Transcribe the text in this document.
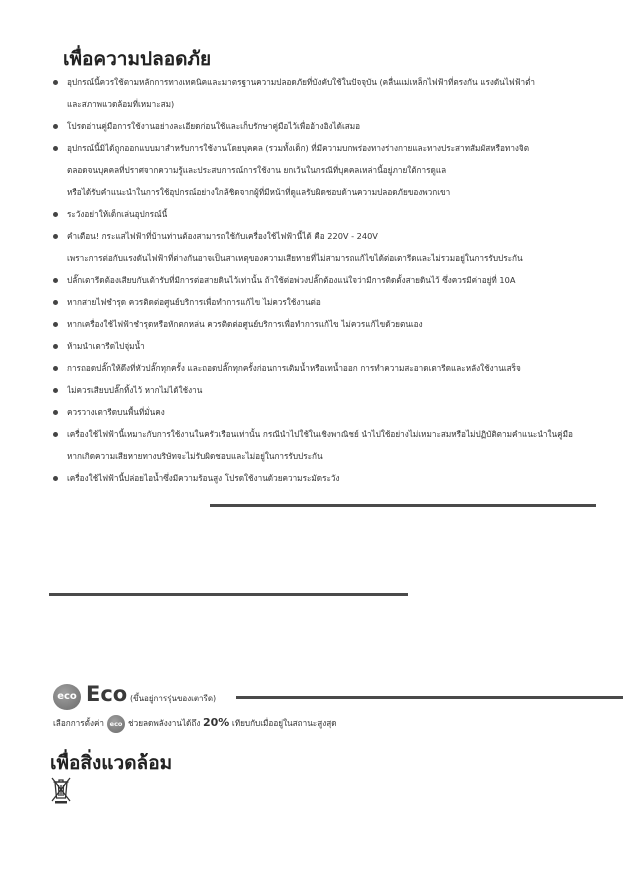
เพื่อความปลอดภัย
อุปกรณ์นี้ควรใช้ตามหลักการทางเทคนิคและมาตรฐานความปลอดภัยที่บังคับใช้ในปัจจุบัน (คลื่นแม่เหล็กไฟฟ้าที่ตรงกัน แรงดันไฟฟ้าต่ำ
และสภาพแวดล้อมที่เหมาะสม)
โปรดอ่านคู่มือการใช้งานอย่างละเอียดก่อนใช้และเก็บรักษาคู่มือไว้เพื่ออ้างอิงได้เสมอ
อุปกรณ์นี้มิได้ถูกออกแบบมาสำหรับการใช้งานโดยบุคคล (รวมทั้งเด็ก) ที่มีความบกพร่องทางร่างกายและทางประสาทสัมผัสหรือทางจิต
ตลอดจนบุคคลที่ปราศจากความรู้และประสบการณ์การใช้งาน ยกเว้นในกรณีที่บุคคลเหล่านี้อยู่ภายใต้การดูแล
หรือได้รับคำแนะนำในการใช้อุปกรณ์อย่างใกล้ชิดจากผู้ที่มีหน้าที่ดูแลรับผิดชอบด้านความปลอดภัยของพวกเขา
ระวังอย่าให้เด็กเล่นอุปกรณ์นี้
คำเตือน! กระแสไฟฟ้าที่บ้านท่านต้องสามารถใช้กับเครื่องใช้ไฟฟ้านี้ได้ คือ 220V - 240V
เพราะการต่อกับแรงดันไฟฟ้าที่ต่างกันอาจเป็นสาเหตุของความเสียหายที่ไม่สามารถแก้ไขได้ต่อเตารีดและไม่รวมอยู่ในการรับประกัน
ปลั๊กเตารีดต้องเสียบกับเต้ารับที่มีการต่อสายดินไว้เท่านั้น ถ้าใช้ต่อพ่วงปลั๊กต้องแน่ใจว่ามีการติดตั้งสายดินไว้ ซึ่งควรมีค่าอยู่ที่ 10A
หากสายไฟชำรุด ควรติดต่อศูนย์บริการเพื่อทำการแก้ไข ไม่ควรใช้งานต่อ
หากเครื่องใช้ไฟฟ้าชำรุดหรือหักตกหล่น ควรติดต่อศูนย์บริการเพื่อทำการแก้ไข ไม่ควรแก้ไขด้วยตนเอง
ห้ามนำเตารีดไปจุ่มน้ำ
การถอดปลั๊กให้ดึงที่หัวปลั๊กทุกครั้ง และถอดปลั๊กทุกครั้งก่อนการเติมน้ำหรือเทน้ำออก การทำความสะอาดเตารีดและหลังใช้งานเสร็จ
ไม่ควรเสียบปลั๊กทิ้งไว้ หากไม่ได้ใช้งาน
ควรวางเตารีดบนพื้นที่มั่นคง
เครื่องใช้ไฟฟ้านี้เหมาะกับการใช้งานในครัวเรือนเท่านั้น กรณีนำไปใช้ในเชิงพาณิชย์ นำไปใช้อย่างไม่เหมาะสมหรือไม่ปฏิบัติตามคำแนะนำในคู่มือ
หากเกิดความเสียหายทางบริษัทจะไม่รับผิดชอบและไม่อยู่ในการรับประกัน
เครื่องใช้ไฟฟ้านี้ปล่อยไอน้ำซึ่งมีความร้อนสูง โปรดใช้งานด้วยความระมัดระวัง
eco Eco (ขึ้นอยู่การรุ่นของเตารีด)
เลือกการตั้งค่า eco ช่วยลดพลังงานได้ถึง 20% เทียบกับเมื่ออยู่ในสถานะสูงสุด
เพื่อสิ่งแวดล้อม
